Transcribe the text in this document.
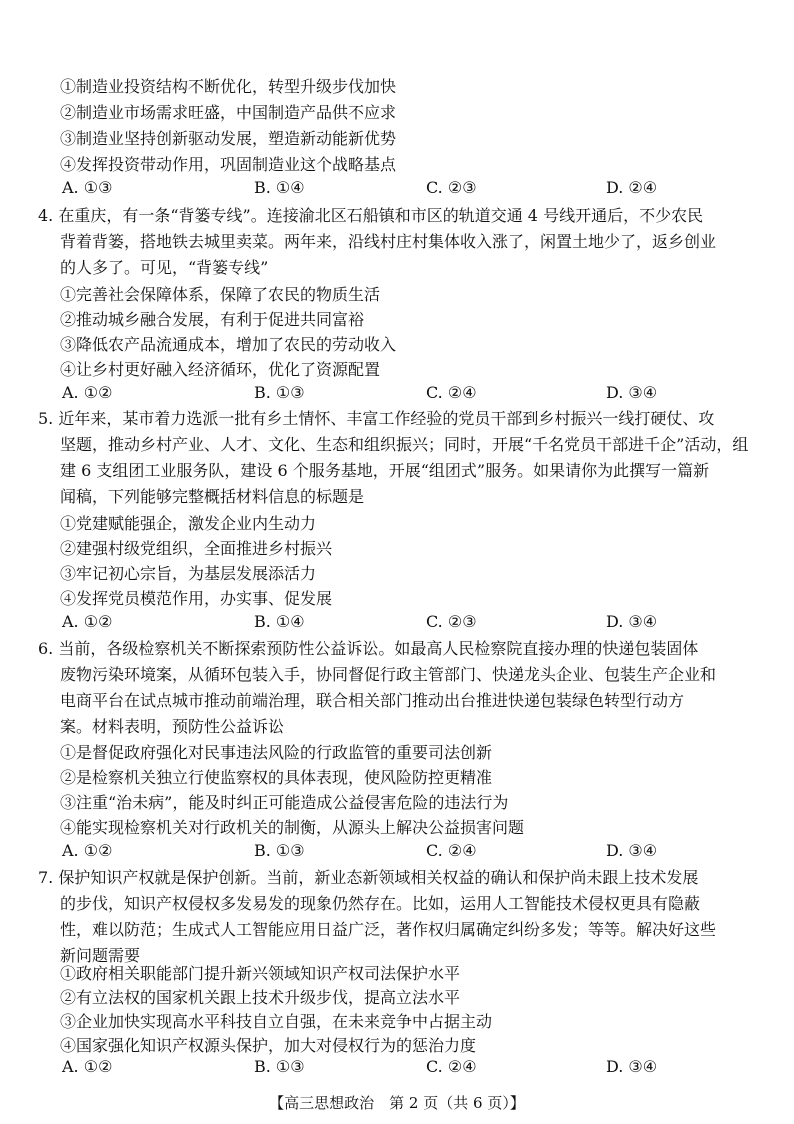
①制造业投资结构不断优化，转型升级步伐加快
②制造业市场需求旺盛，中国制造产品供不应求
③制造业坚持创新驱动发展，塑造新动能新优势
④发挥投资带动作用，巩固制造业这个战略基点
A. ①③	B. ①④	C. ②③	D. ②④
4. 在重庆，有一条“背篓专线”。连接渝北区石船镇和市区的轨道交通 4 号线开通后，不少农民
背着背篓，搭地铁去城里卖菜。两年来，沿线村庄村集体收入涨了，闲置土地少了，返乡创业
的人多了。可见，“背篓专线”
①完善社会保障体系，保障了农民的物质生活
②推动城乡融合发展，有利于促进共同富裕
③降低农产品流通成本，增加了农民的劳动收入
④让乡村更好融入经济循环，优化了资源配置
A. ①②	B. ①③	C. ②④	D. ③④
5. 近年来，某市着力选派一批有乡土情怀、丰富工作经验的党员干部到乡村振兴一线打硬仗、攻
坚题，推动乡村产业、人才、文化、生态和组织振兴；同时，开展“千名党员干部进千企”活动，组
建 6 支组团工业服务队，建设 6 个服务基地，开展“组团式”服务。如果请你为此撰写一篇新
闻稿，下列能够完整概括材料信息的标题是
①党建赋能强企，激发企业内生动力
②建强村级党组织，全面推进乡村振兴
③牢记初心宗旨，为基层发展添活力
④发挥党员模范作用，办实事、促发展
A. ①②	B. ①④	C. ②③	D. ③④
6. 当前，各级检察机关不断探索预防性公益诉讼。如最高人民检察院直接办理的快递包装固体
废物污染环境案，从循环包装入手，协同督促行政主管部门、快递龙头企业、包装生产企业和
电商平台在试点城市推动前端治理，联合相关部门推动出台推进快递包装绿色转型行动方
案。材料表明，预防性公益诉讼
①是督促政府强化对民事违法风险的行政监管的重要司法创新
②是检察机关独立行使监察权的具体表现，使风险防控更精准
③注重“治未病”，能及时纠正可能造成公益侵害危险的违法行为
④能实现检察机关对行政机关的制衡，从源头上解决公益损害问题
A. ①②	B. ①③	C. ②④	D. ③④
7. 保护知识产权就是保护创新。当前，新业态新领域相关权益的确认和保护尚未跟上技术发展
的步伐，知识产权侵权多发易发的现象仍然存在。比如，运用人工智能技术侵权更具有隐蔽
性，难以防范；生成式人工智能应用日益广泛，著作权归属确定纠纷多发；等等。解决好这些
新问题需要
①政府相关职能部门提升新兴领域知识产权司法保护水平
②有立法权的国家机关跟上技术升级步伐，提高立法水平
③企业加快实现高水平科技自立自强，在未来竞争中占据主动
④国家强化知识产权源头保护，加大对侵权行为的惩治力度
【高三思想政治　第 2 页（共 6 页）】
A. ①②	B. ①③	C. ②④	D. ③④
